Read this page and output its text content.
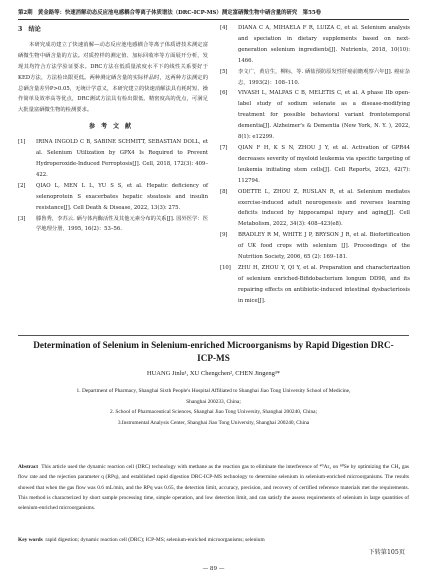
第2期　黄金路等：快速消解动态反应池电感耦合等离子体质谱法（DRC-ICP-MS）测定富硒微生物中硒含量的研究　第55卷
3　结论

本研究成功建立了快速消解—动态反应池电感耦合等离子体质谱技术测定富硒微生物中硒含量的方法。对质控样的测定值、加标回收率等方面展开分析，发现其均符合方法学验证要求。DRC方法在低质量浓度水平下的线性关系要好于KED方法，方法检出限更低。两种测定硒含量的实际样品时，这两种方法测定的总硒含量差异P>0.05，无统计学意义，本研究建立的快速消解法具有耗时短、操作简单及效率高等优点，DRC测试方法具有检出限低、精密度高的优点，可满足大批量富硒微生物的检测要求。

参考文献
[1]	IRINA INGOLD C B, SABINE SCHMITT, SEBASTIAN DOLL, et al. Selenium Utilization by GPX4 Is Required to Prevent Hydroperoxide-Induced Ferroptosis[J]. Cell, 2018, 172(3): 409–422.
[2]	QIAO L, MEN L L, YU S S, et al. Hepatic deficiency of selenoprotein S exacerbates hepatic steatosis and insulin resistance[J]. Cell Death & Disease, 2022, 13(3): 275.
[3]	滕鲁秀，李苏云. 硒与体内酶活性及其他元素分布的关系[J]. 国外医学：医学地理分册，1995, 16(2)：53–56.
[4]	DIANA C A, MIHAELA F R, LUIZA C, et al. Selenium analysis and speciation in dietary supplements based on next-generation selenium ingredients[J]. Nutrients, 2018, 10(10): 1466.
[5]	李文广，黄启生，柳标，等. 硒盐预防原发性肝癌前瞻观察六年[J]. 癌症杂志，1993(2)：108–110.
[6]	VIVASH L, MALPAS C B, MELETIS C, et al. A phase IIb open-label study of sodium selenate as a disease-modifying treatment for possible behavioral variant frontotemporal dementia[J]. Alzheimer's & Dementia (New York, N. Y. ), 2022, 8(1): e12299.
[7]	QIAN F H, K S N, ZHOU J Y, et al. Activation of GPR44 decreases severity of myeloid leukemia via specific targeting of leukemia initiating stem cells[J]. Cell Reports, 2023, 42(7): 112794.
[8]	ODETTE L, ZHOU Z, RUSLAN R, et al. Selenium mediates exercise-induced adult neurogenesis and reverses learning deficits induced by hippocampal injury and aging[J]. Cell Metabolism, 2022, 34(3): 408–423(e8).
[9]	BRADLEY R M, WHITE J P, BRYSON J R, et al. Biofortification of UK food crops with selenium [J]. Proceedings of the Nutrition Society, 2006, 65 (2): 169–181.
[10]	ZHU H, ZHOU Y, QI Y, et al. Preparation and characterization of selenium enriched-Bifidobacterium longum DD98, and its repairing effects on antibiotic-induced intestinal dysbacteriosis in mice[J].
Determination of Selenium in Selenium-enriched Microorganisms by Rapid Digestion DRC-ICP-MS
HUANG Jinlu¹, XU Chengchen², CHEN Jingeng³*
1. Department of Pharmacy, Shanghai Sixth People's Hospital Affiliated to Shanghai Jiao Tong University School of Medicine,
Shanghai 200233, China;
2. School of Pharmaceutical Sciences, Shanghai Jiao Tong University, Shanghai 200240, China;
3.Instrumental Analysis Center, Shanghai Jiao Tong University, Shanghai 200240, China
Abstract This article used the dynamic reaction cell (DRC) technology with methane as the reaction gas to eliminate the interference of ⁴⁰Ar₂ on ⁸⁰Se by optimizing the CH₄ gas flow rate and the rejection parameter q (RPq), and established rapid digestion DRC-ICP-MS technology to determine selenium in selenium-enriched microorganisms. The results showed that when the gas flow was 0.6 mL/min, and the RPq was 0.65, the detection limit, accuracy, precision, and recovery of certified reference materials met the requirements. This method is characterized by short sample processing time, simple operation, and low detection limit, and can satisfy the assess requirements of selenium in large quantities of selenium-enriched microorganisms.
Key words rapid digestion; dynamic reaction cell (DRC); ICP-MS; selenium-enriched microorganisms; selenium
下转第105页
— 89 —
